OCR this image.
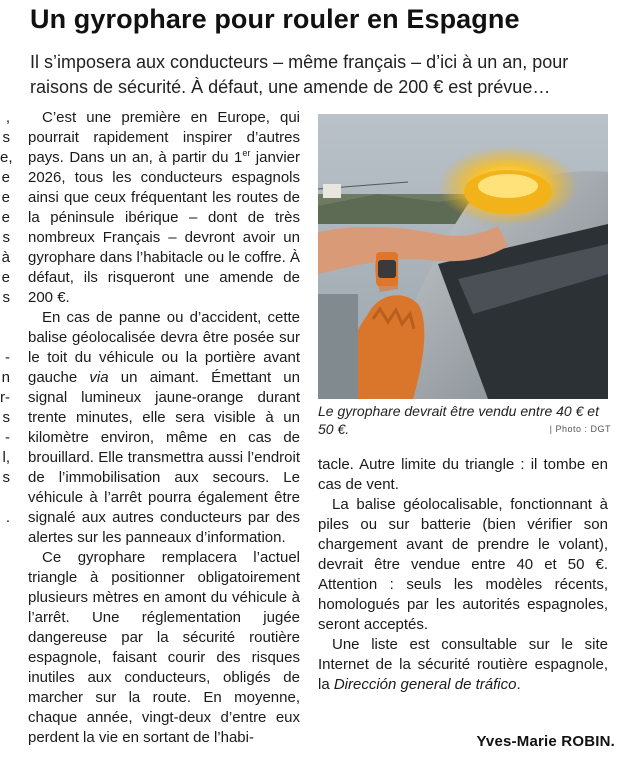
Un gyrophare pour rouler en Espagne

Il s’imposera aux conducteurs – même français – d’ici à un an, pour raisons de sécurité. À défaut, une amende de 200 € est prévue…

,
s
e,
e
e
e
s
à
e
s
-
n
r-
s
-
l,
s
.

C’est une première en Europe, qui pourrait rapidement inspirer d’autres pays. Dans un an, à partir du 1er janvier 2026, tous les conducteurs espagnols ainsi que ceux fréquentant les routes de la péninsule ibérique – dont de très nombreux Français – devront avoir un gyrophare dans l’habitacle ou le coffre. À défaut, ils risqueront une amende de 200 €.

En cas de panne ou d’accident, cette balise géolocalisée devra être posée sur le toit du véhicule ou la portière avant gauche via un aimant. Émettant un signal lumineux jaune-orange durant trente minutes, elle sera visible à un kilomètre environ, même en cas de brouillard. Elle transmettra aussi l’endroit de l’immobilisation aux secours. Le véhicule à l’arrêt pourra également être signalé aux autres conducteurs par des alertes sur les panneaux d’information.

Ce gyrophare remplacera l’actuel triangle à positionner obligatoirement plusieurs mètres en amont du véhicule à l’arrêt. Une réglementation jugée dangereuse par la sécurité routière espagnole, faisant courir des risques inutiles aux conducteurs, obligés de marcher sur la route. En moyenne, chaque année, vingt-deux d’entre eux perdent la vie en sortant de l’habi-

Le gyrophare devrait être vendu entre 40 € et 50 €.	| Photo : DGT

tacle. Autre limite du triangle : il tombe en cas de vent.

La balise géolocalisable, fonctionnant à piles ou sur batterie (bien vérifier son chargement avant de prendre le volant), devrait être vendue entre 40 et 50 €. Attention : seuls les modèles récents, homologués par les autorités espagnoles, seront acceptés.

Une liste est consultable sur le site Internet de la sécurité routière espagnole, la Dirección general de tráfico.

Yves-Marie ROBIN.
